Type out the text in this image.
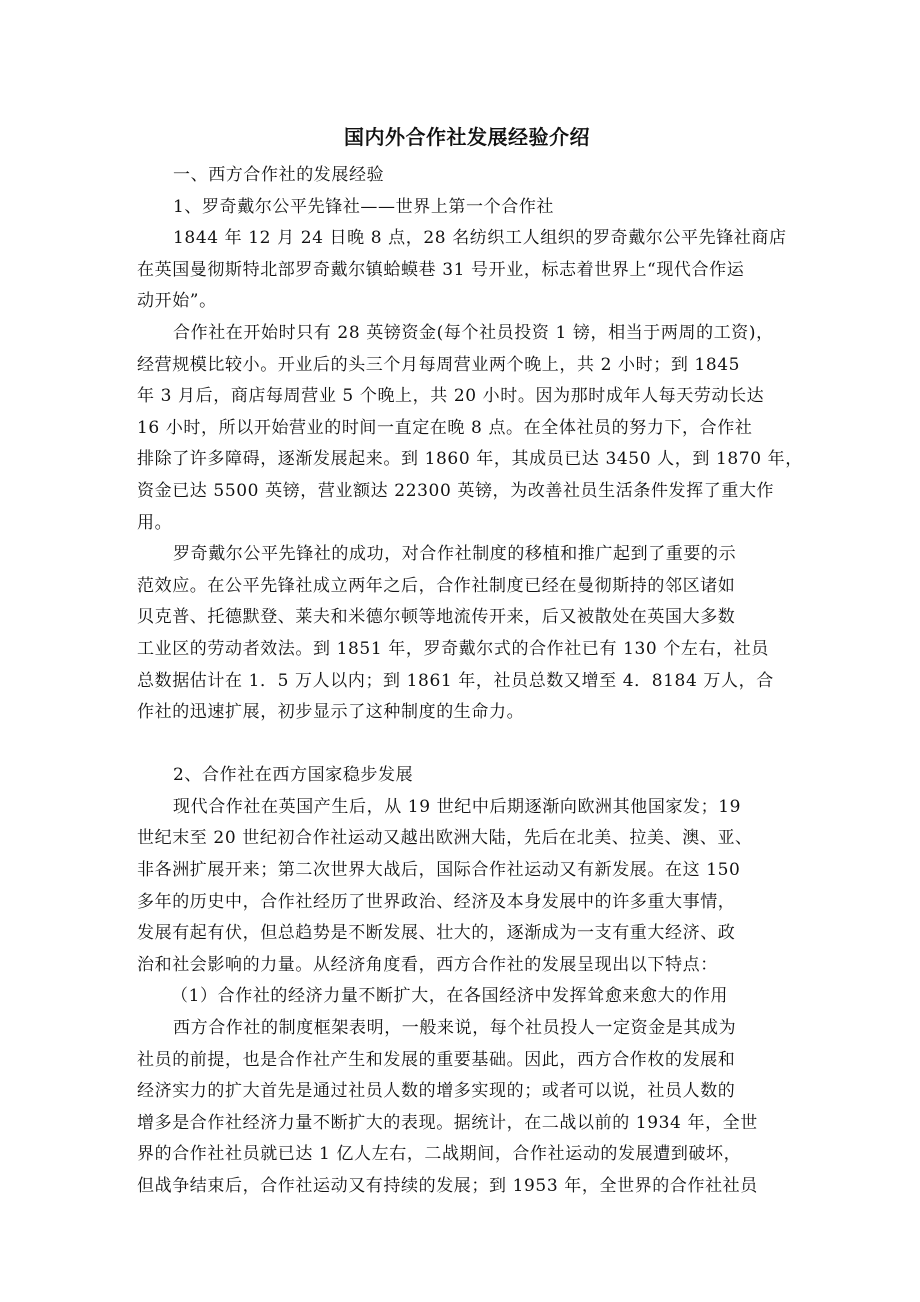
国内外合作社发展经验介绍
一、西方合作社的发展经验
1、罗奇戴尔公平先锋社——世界上第一个合作社
1844 年 12 月 24 日晚 8 点，28 名纺织工人组织的罗奇戴尔公平先锋社商店
在英国曼彻斯特北部罗奇戴尔镇蛤蟆巷 31 号开业，标志着世界上“现代合作运
动开始”。
合作社在开始时只有 28 英镑资金(每个社员投资 1 镑，相当于两周的工资)，
经营规模比较小。开业后的头三个月每周营业两个晚上，共 2 小时；到 1845
年 3 月后，商店每周营业 5 个晚上，共 20 小时。因为那时成年人每天劳动长达
16 小时，所以开始营业的时间一直定在晚 8 点。在全体社员的努力下，合作社
排除了许多障碍，逐渐发展起来。到 1860 年，其成员已达 3450 人，到 1870 年，
资金已达 5500 英镑，营业额达 22300 英镑，为改善社员生活条件发挥了重大作
用。
罗奇戴尔公平先锋社的成功，对合作社制度的移植和推广起到了重要的示
范效应。在公平先锋社成立两年之后，合作社制度已经在曼彻斯持的邻区诸如
贝克普、托德默登、莱夫和米德尔顿等地流传开来，后又被散处在英国大多数
工业区的劳动者效法。到 1851 年，罗奇戴尔式的合作社已有 130 个左右，社员
总数据估计在 1．5 万人以内；到 1861 年，社员总数又增至 4．8184 万人，合
作社的迅速扩展，初步显示了这种制度的生命力。
2、合作社在西方国家稳步发展
现代合作社在英国产生后，从 19 世纪中后期逐渐向欧洲其他国家发；19
世纪末至 20 世纪初合作社运动又越出欧洲大陆，先后在北美、拉美、澳、亚、
非各洲扩展开来；第二次世界大战后，国际合作社运动又有新发展。在这 150
多年的历史中，合作社经历了世界政治、经济及本身发展中的许多重大事情，
发展有起有伏，但总趋势是不断发展、壮大的，逐渐成为一支有重大经济、政
治和社会影响的力量。从经济角度看，西方合作社的发展呈现出以下特点：
（1）合作社的经济力量不断扩大，在各国经济中发挥耸愈来愈大的作用
西方合作社的制度框架表明，一般来说，每个社员投人一定资金是其成为
社员的前提，也是合作社产生和发展的重要基础。因此，西方合作枚的发展和
经济实力的扩大首先是通过社员人数的增多实现的；或者可以说，社员人数的
增多是合作社经济力量不断扩大的表现。据统计，在二战以前的 1934 年，全世
界的合作社社员就已达 1 亿人左右，二战期间，合作社运动的发展遭到破坏，
但战争结束后，合作社运动又有持续的发展；到 1953 年，全世界的合作社社员
